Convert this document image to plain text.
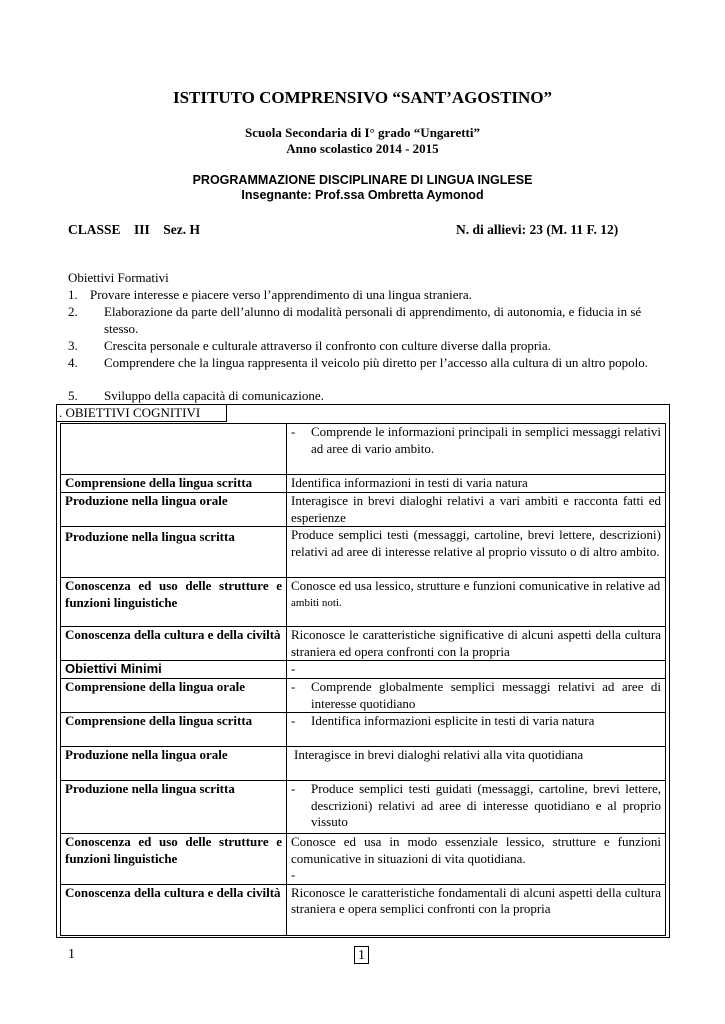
ISTITUTO COMPRENSIVO “SANT’AGOSTINO”
Scuola Secondaria di I° grado “Ungaretti”
Anno scolastico 2014 - 2015
PROGRAMMAZIONE DISCIPLINARE DI LINGUA INGLESE
Insegnante: Prof.ssa Ombretta Aymonod
CLASSE    III    Sez. H	N. di allievi: 23 (M. 11 F. 12)
Obiettivi Formativi
1. Provare interesse e piacere verso l’apprendimento di una lingua straniera.
2.	Elaborazione da parte dell’alunno di modalità personali di apprendimento, di autonomia, e fiducia in sé stesso.
3.	Crescita personale e culturale attraverso il confronto con culture diverse dalla propria.
4.	Comprendere che la lingua rappresenta il veicolo più diretto per l’accesso alla cultura di un altro popolo.
5.	Sviluppo della capacità di comunicazione.
. OBIETTIVI COGNITIVI

	- Comprende le informazioni principali in semplici messaggi relativi ad aree di vario ambito.

Comprensione della lingua scritta	Identifica informazioni in testi di varia natura
Produzione nella lingua orale	Interagisce in brevi dialoghi relativi a vari ambiti e racconta fatti ed esperienze
Produzione nella lingua scritta	Produce semplici testi (messaggi, cartoline, brevi lettere, descrizioni) relativi ad aree di interesse relative al proprio vissuto o di altro ambito.
Conoscenza ed uso delle strutture e funzioni linguistiche	Conosce ed usa lessico, strutture e funzioni comunicative in relative ad
ambiti noti.

Conoscenza della cultura e della civiltà	Riconosce le caratteristiche significative di alcuni aspetti della cultura straniera ed opera confronti con la propria
Obiettivi Minimi	-
Comprensione della lingua orale	- Comprende globalmente semplici messaggi relativi ad aree di interesse quotidiano

Comprensione della lingua scritta	- Identifica informazioni esplicite in testi di varia natura

Produzione nella lingua orale	Interagisce in brevi dialoghi relativi alla vita quotidiana
Produzione nella lingua scritta	- Produce semplici testi guidati (messaggi, cartoline, brevi lettere, descrizioni) relativi ad aree di interesse quotidiano e al proprio vissuto

Conoscenza ed uso delle strutture e funzioni linguistiche	Conosce ed usa in modo essenziale lessico, strutture e funzioni comunicative in situazioni di vita quotidiana.
-

Conoscenza della cultura e della civiltà	Riconosce le caratteristiche fondamentali di alcuni aspetti della cultura straniera e opera semplici confronti con la propria
1	1
